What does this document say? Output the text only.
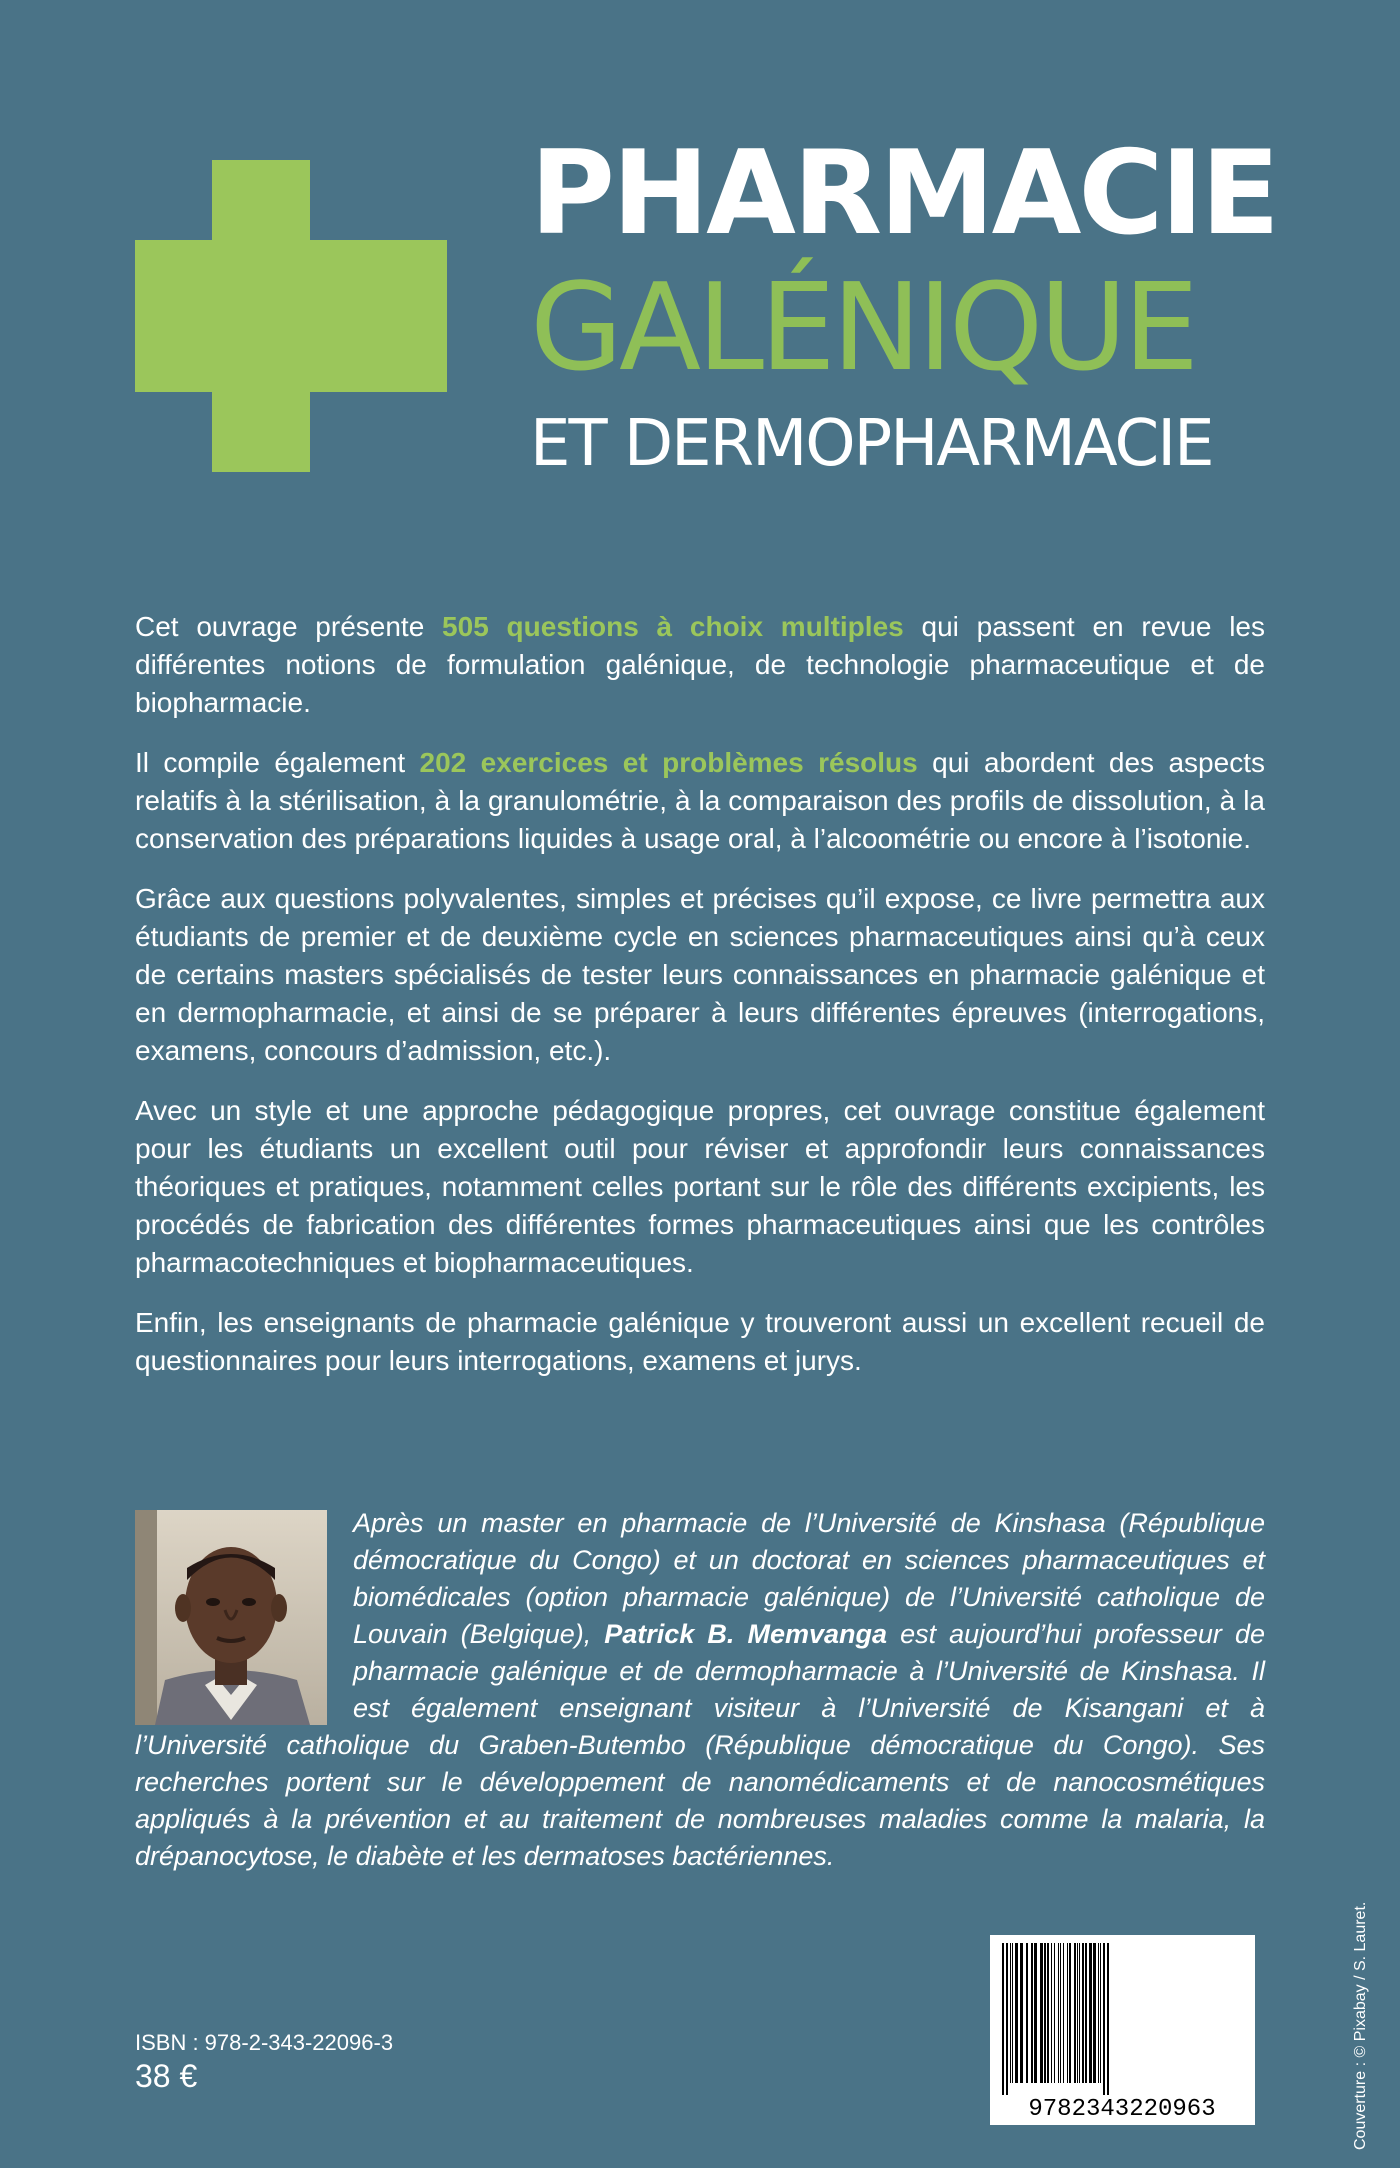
PHARMACIE
GALÉNIQUE
ET DERMOPHARMACIE

Cet ouvrage présente 505 questions à choix multiples qui passent en revue les différentes notions de formulation galénique, de technologie pharmaceutique et de biopharmacie.

Il compile également 202 exercices et problèmes résolus qui abordent des aspects relatifs à la stérilisation, à la granulométrie, à la comparaison des profils de dissolution, à la conservation des préparations liquides à usage oral, à l’alcoométrie ou encore à l’isotonie.

Grâce aux questions polyvalentes, simples et précises qu’il expose, ce livre permettra aux étudiants de premier et de deuxième cycle en sciences pharmaceutiques ainsi qu’à ceux de certains masters spécialisés de tester leurs connaissances en pharmacie galénique et en dermopharmacie, et ainsi de se préparer à leurs différentes épreuves (interrogations, examens, concours d’admission, etc.).

Avec un style et une approche pédagogique propres, cet ouvrage constitue également pour les étudiants un excellent outil pour réviser et approfondir leurs connaissances théoriques et pratiques, notamment celles portant sur le rôle des différents excipients, les procédés de fabrication des différentes formes pharmaceutiques ainsi que les contrôles pharmacotechniques et biopharmaceutiques.

Enfin, les enseignants de pharmacie galénique y trouveront aussi un excellent recueil de questionnaires pour leurs interrogations, examens et jurys.

Après un master en pharmacie de l’Université de Kinshasa (République démocratique du Congo) et un doctorat en sciences pharmaceutiques et biomédicales (option pharmacie galénique) de l’Université catholique de Louvain (Belgique), Patrick B. Memvanga est aujourd’hui professeur de pharmacie galénique et de dermopharmacie à l’Université de Kinshasa. Il est également enseignant visiteur à l’Université de Kisangani et à l’Université catholique du Graben-Butembo (République démocratique du Congo). Ses recherches portent sur le développement de nanomédicaments et de nanocosmétiques appliqués à la prévention et au traitement de nombreuses maladies comme la malaria, la drépanocytose, le diabète et les dermatoses bactériennes.
9782343220963
ISBN : 978-2-343-22096-3
38 €	Couverture : © Pixabay / S. Lauret.
